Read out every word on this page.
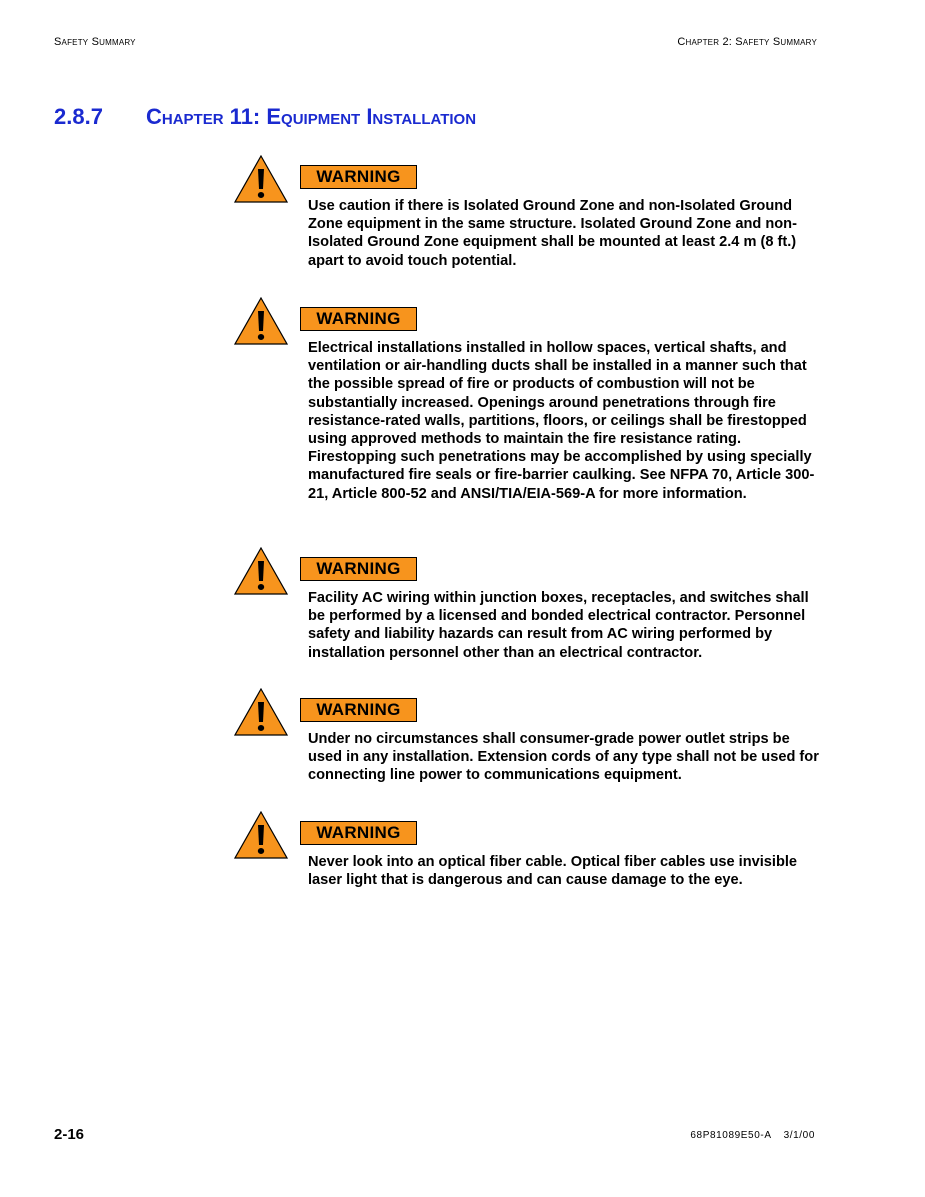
Safety Summary	Chapter 2: Safety Summary
2.8.7 Chapter 11: Equipment Installation
WARNING
Use caution if there is Isolated Ground Zone and non-Isolated Ground Zone equipment in the same structure. Isolated Ground Zone and non-Isolated Ground Zone equipment shall be mounted at least 2.4 m (8 ft.) apart to avoid touch potential.
WARNING
Electrical installations installed in hollow spaces, vertical shafts, and ventilation or air-handling ducts shall be installed in a manner such that the possible spread of fire or products of combustion will not be substantially increased. Openings around penetrations through fire resistance-rated walls, partitions, floors, or ceilings shall be firestopped using approved methods to maintain the fire resistance rating. Firestopping such penetrations may be accomplished by using specially manufactured fire seals or fire-barrier caulking. See NFPA 70, Article 300-21, Article 800-52 and ANSI/TIA/EIA-569-A for more information.
WARNING
Facility AC wiring within junction boxes, receptacles, and switches shall be performed by a licensed and bonded electrical contractor. Personnel safety and liability hazards can result from AC wiring performed by installation personnel other than an electrical contractor.
WARNING
Under no circumstances shall consumer-grade power outlet strips be used in any installation. Extension cords of any type shall not be used for connecting line power to communications equipment.
WARNING
Never look into an optical fiber cable. Optical fiber cables use invisible laser light that is dangerous and can cause damage to the eye.
2-16	68P81089E50-A 3/1/00
